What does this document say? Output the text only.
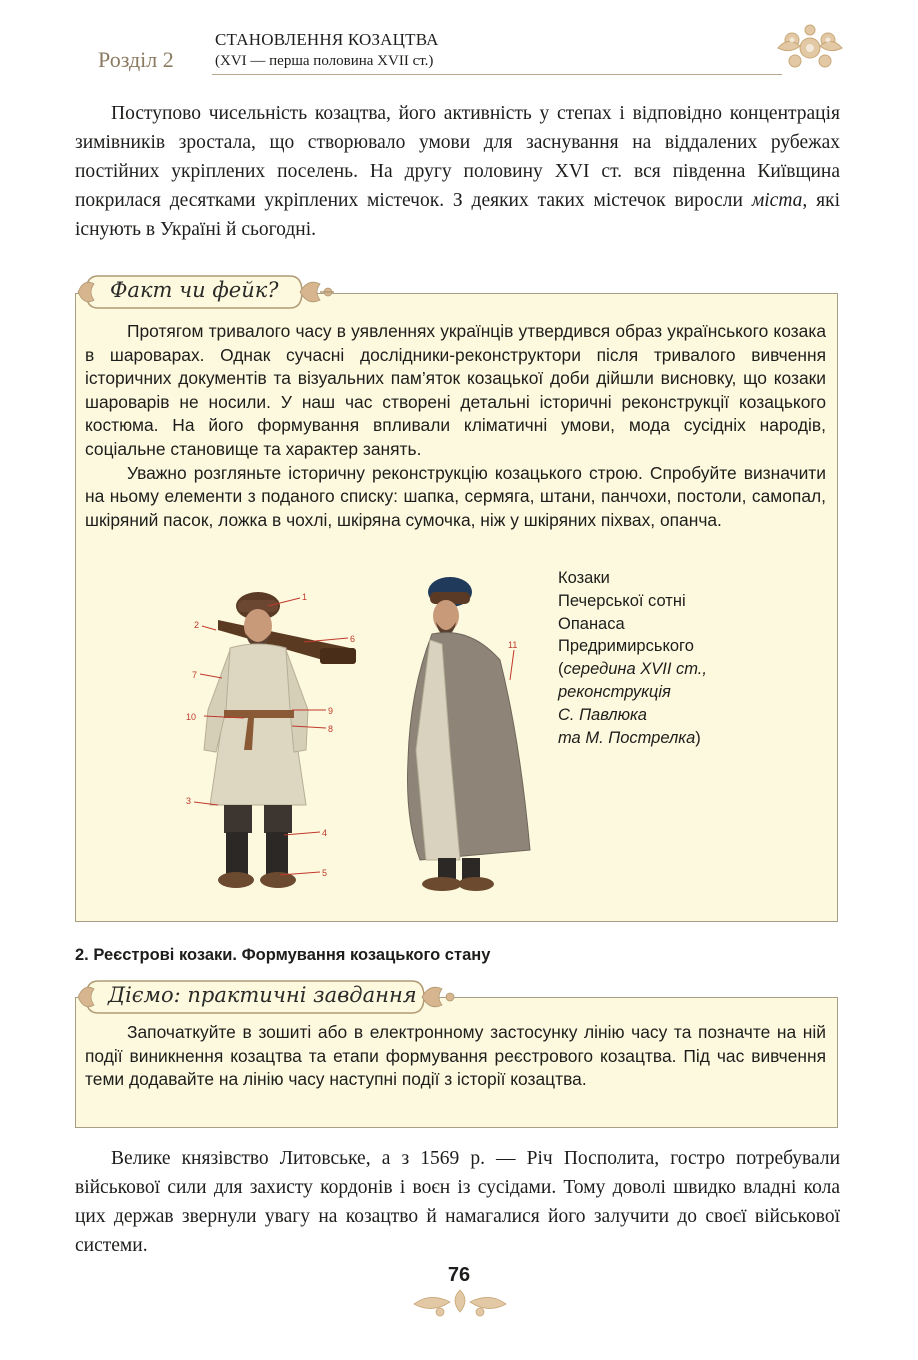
Розділ 2
СТАНОВЛЕННЯ КОЗАЦТВА
(XVI — перша половина XVII ст.)

Поступово чисельність козацтва, його активність у степах і відповідно концентрація зимівників зростала, що створювало умови для заснування на віддалених рубежах постійних укріплених поселень. На другу половину XVI ст. вся південна Київщина покрилася десятками укріплених містечок. З деяких таких містечок виросли міста, які існують в Україні й сьогодні.

Протягом тривалого часу в уявленнях українців утвердився образ українського козака в шароварах. Однак сучасні дослідники-реконструктори після тривалого вивчення історичних документів та візуальних пам’яток козацької доби дійшли висновку, що козаки шароварів не носили. У наш час створені детальні історичні реконструкції козацького костюма. На його формування впливали кліматичні умови, мода сусідніх народів, соціальне становище та характер занять.

Уважно розгляньте історичну реконструкцію козацького строю. Спробуйте визначити на ньому елементи з поданого списку: шапка, сермяга, штани, панчохи, постоли, самопал, шкіряний пасок, ложка в чохлі, шкіряна сумочка, ніж у шкіряних піхвах, опанча.

Факт чи фейк?
1
2
3
4
5
6
7
8
9
10
11
Козаки
Печерської сотні
Опанаса
Предримирського
(середина XVII ст.,
реконструкція
С. Павлюка
та М. Пострелка)
2. Реєстрові козаки. Формування козацького стану

Започаткуйте в зошиті або в електронному застосунку лінію часу та позначте на ній події виникнення козацтва та етапи формування реєстрового козацтва. Під час вивчення теми додавайте на лінію часу наступні події з історії козацтва.

Діємо: практичні завдання

Велике князівство Литовське, а з 1569 р. — Річ Посполита, гостро потребували військової сили для захисту кордонів і воєн із сусідами. Тому доволі швидко владні кола цих держав звернули увагу на козацтво й намагалися його залучити до своєї військової системи.

76
